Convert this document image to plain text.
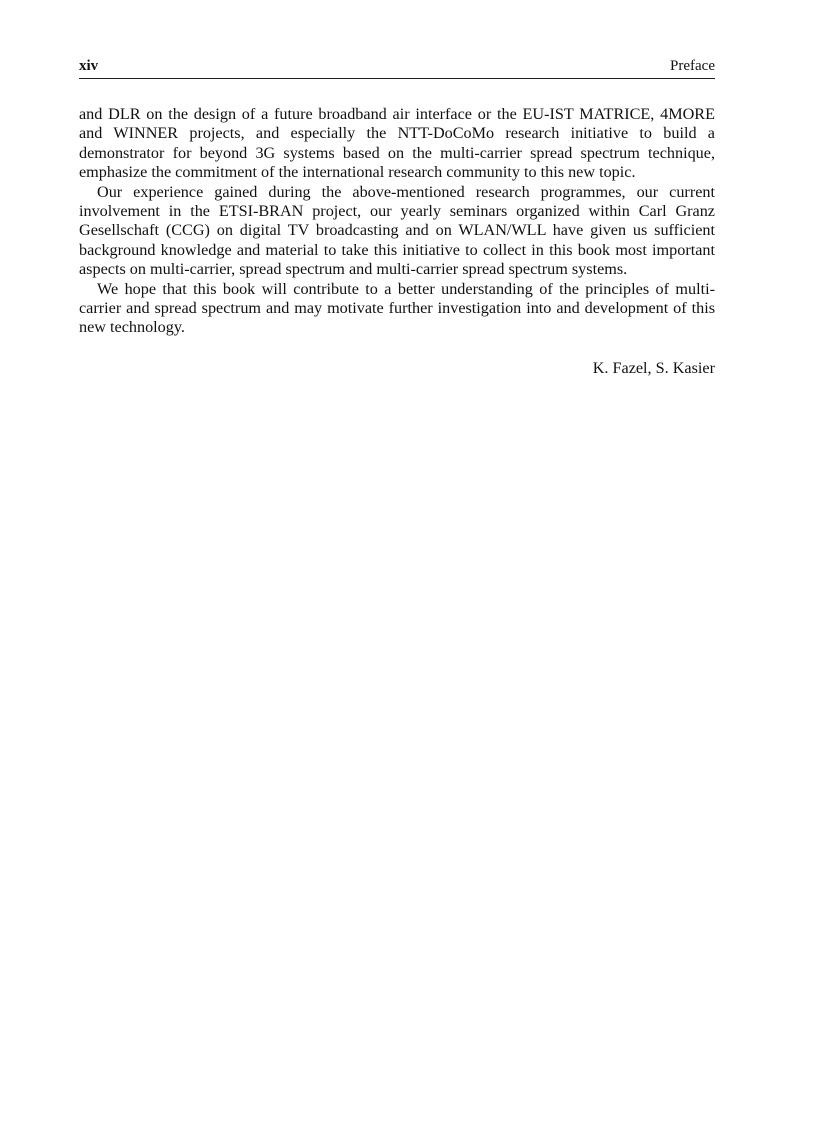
xiv	Preface

and DLR on the design of a future broadband air interface or the EU-IST MATRICE, 4MORE and WINNER projects, and especially the NTT-DoCoMo research initiative to build a demonstrator for beyond 3G systems based on the multi-carrier spread spectrum technique, emphasize the commitment of the international research community to this new topic.

Our experience gained during the above-mentioned research programmes, our current involvement in the ETSI-BRAN project, our yearly seminars organized within Carl Granz Gesellschaft (CCG) on digital TV broadcasting and on WLAN/WLL have given us sufficient background knowledge and material to take this initiative to collect in this book most important aspects on multi-carrier, spread spectrum and multi-carrier spread spectrum systems.

We hope that this book will contribute to a better understanding of the principles of multi-carrier and spread spectrum and may motivate further investigation into and development of this new technology.

K. Fazel, S. Kasier
